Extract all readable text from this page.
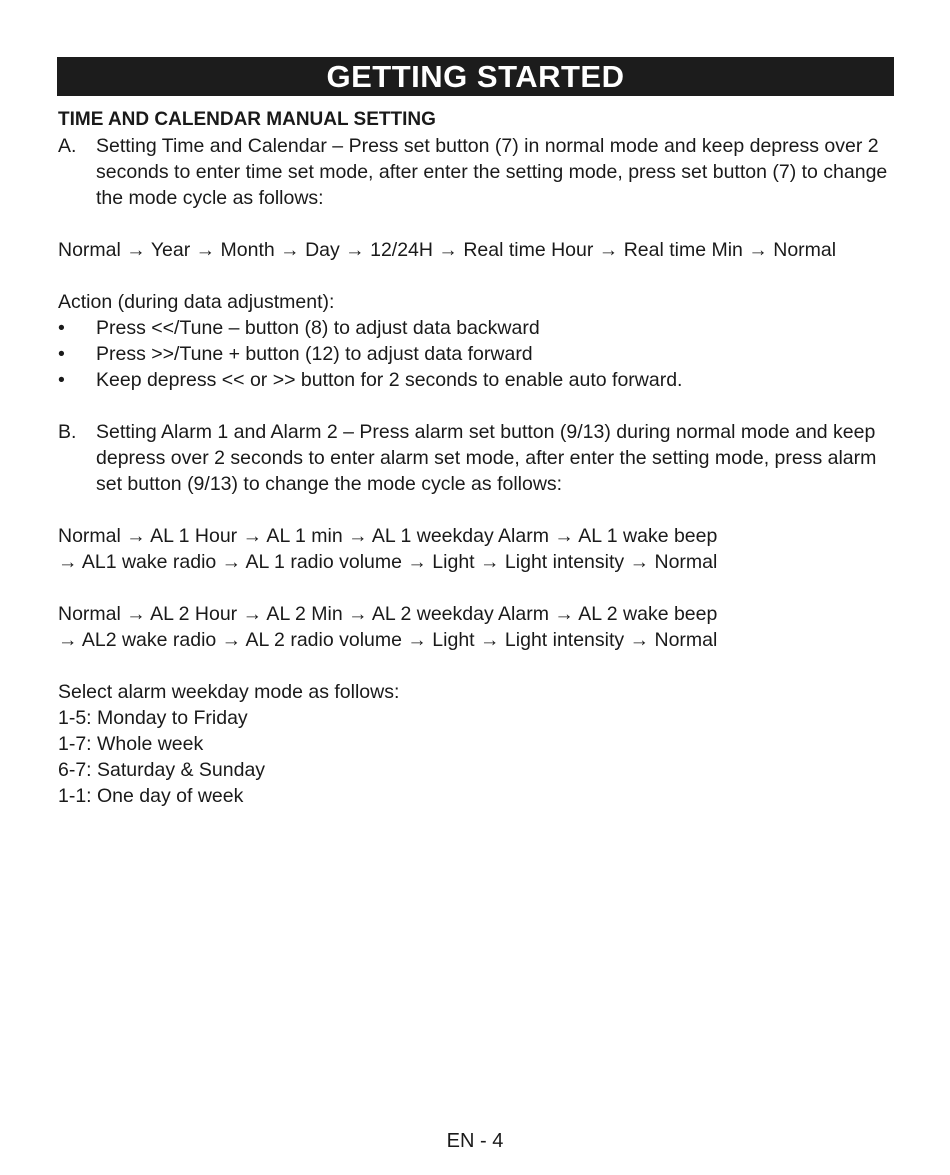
GETTING STARTED

TIME AND CALENDAR MANUAL SETTING

A. Setting Time and Calendar – Press set button (7) in normal mode and keep depress over 2 seconds to enter time set mode, after enter the setting mode, press set button (7) to change the mode cycle as follows:

Normal → Year → Month → Day → 12/24H → Real time Hour → Real time Min → Normal

Action (during data adjustment):

• Press <</Tune – button (8) to adjust data backward
• Press >>/Tune + button (12) to adjust data forward
• Keep depress << or >> button for 2 seconds to enable auto forward.
B. Setting Alarm 1 and Alarm 2 – Press alarm set button (9/13) during normal mode and keep depress over 2 seconds to enter alarm set mode, after enter the setting mode, press alarm set button (9/13) to change the mode cycle as follows:

Normal → AL 1 Hour → AL 1 min → AL 1 weekday Alarm → AL 1 wake beep

→ AL1 wake radio → AL 1 radio volume → Light → Light intensity → Normal

Normal → AL 2 Hour → AL 2 Min → AL 2 weekday Alarm → AL 2 wake beep

→ AL2 wake radio → AL 2 radio volume → Light → Light intensity → Normal

Select alarm weekday mode as follows:

1-5: Monday to Friday

1-7: Whole week

6-7: Saturday & Sunday

1-1: One day of week

EN - 4
